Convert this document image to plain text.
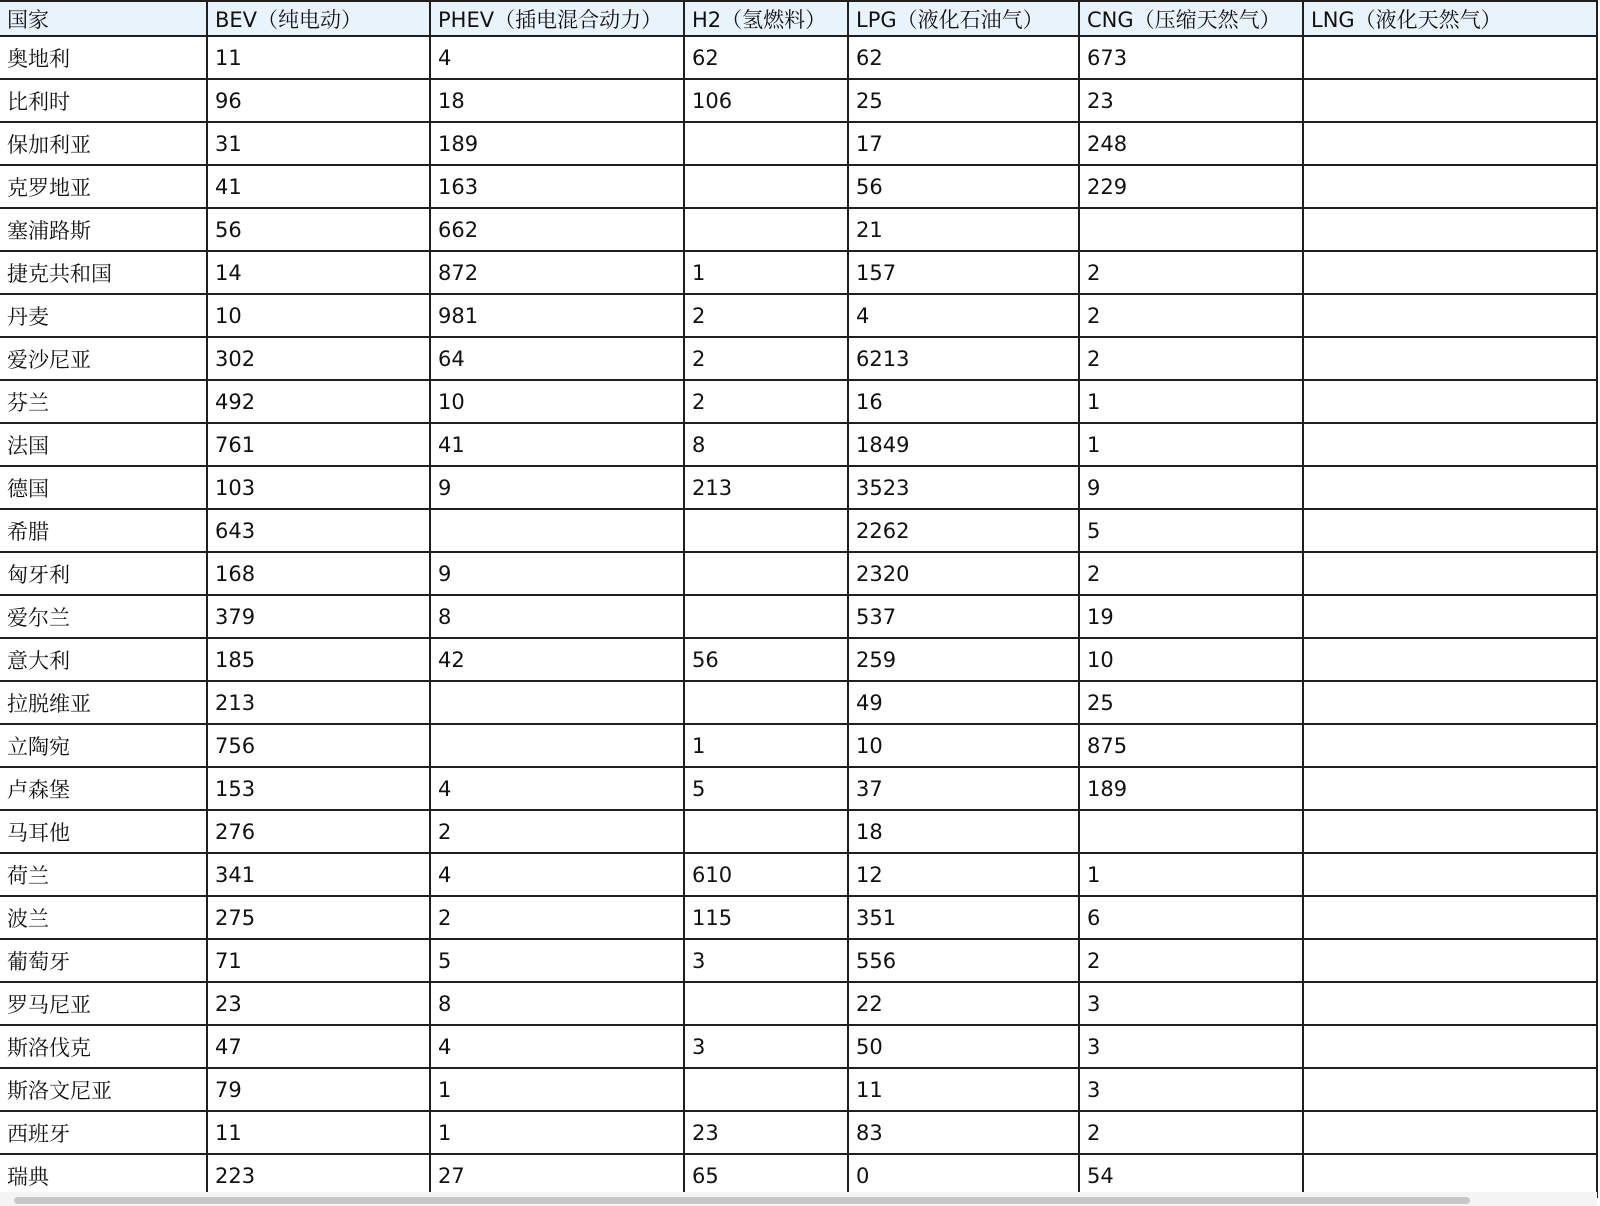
国家	BEV（纯电动）	PHEV（插电混合动力）	H2（氢燃料）	LPG（液化石油气）	CNG（压缩天然气）	LNG（液化天然气）
奥地利	11	4	62	62	673	
比利时	96	18	106	25	23	
保加利亚	31	189		17	248	
克罗地亚	41	163		56	229	
塞浦路斯	56	662		21		
捷克共和国	14	872	1	157	2	
丹麦	10	981	2	4	2	
爱沙尼亚	302	64	2	6213	2	
芬兰	492	10	2	16	1	
法国	761	41	8	1849	1	
德国	103	9	213	3523	9	
希腊	643			2262	5	
匈牙利	168	9		2320	2	
爱尔兰	379	8		537	19	
意大利	185	42	56	259	10	
拉脱维亚	213			49	25	
立陶宛	756		1	10	875	
卢森堡	153	4	5	37	189	
马耳他	276	2		18		
荷兰	341	4	610	12	1	
波兰	275	2	115	351	6	
葡萄牙	71	5	3	556	2	
罗马尼亚	23	8		22	3	
斯洛伐克	47	4	3	50	3	
斯洛文尼亚	79	1		11	3	
西班牙	11	1	23	83	2	
瑞典	223	27	65	0	54	
